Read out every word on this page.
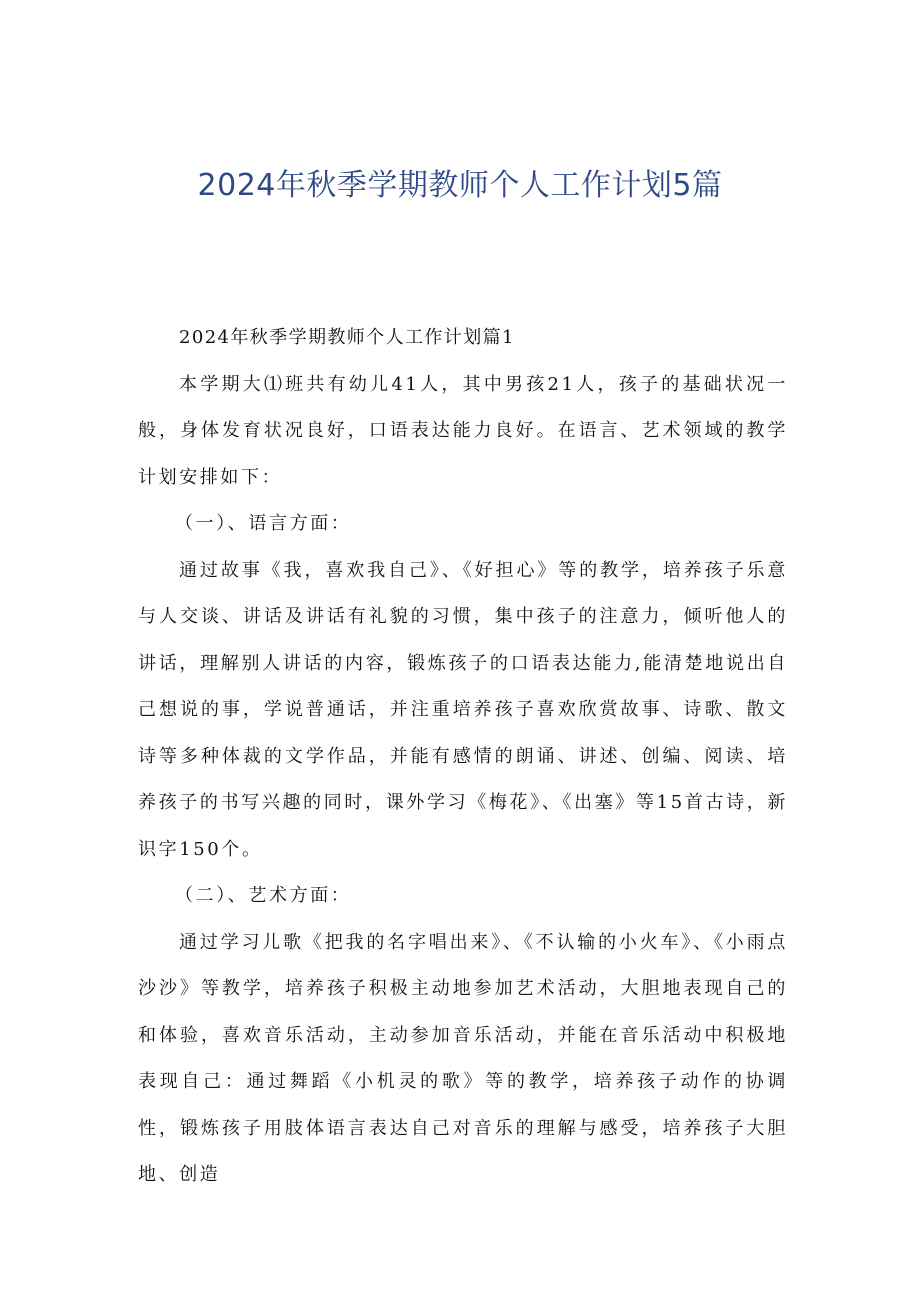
2024年秋季学期教师个人工作计划5篇

2024年秋季学期教师个人工作计划篇1

本学期大⑴班共有幼儿41人，其中男孩21人，孩子的基础状况一般，身体发育状况良好，口语表达能力良好。在语言、艺术领域的教学计划安排如下：

（一）、语言方面：

通过故事《我，喜欢我自己》、《好担心》等的教学，培养孩子乐意与人交谈、讲话及讲话有礼貌的习惯，集中孩子的注意力，倾听他人的讲话，理解别人讲话的内容，锻炼孩子的口语表达能力,能清楚地说出自己想说的事，学说普通话，并注重培养孩子喜欢欣赏故事、诗歌、散文诗等多种体裁的文学作品，并能有感情的朗诵、讲述、创编、阅读、培养孩子的书写兴趣的同时，课外学习《梅花》、《出塞》等15首古诗，新识字150个。

（二）、艺术方面：

通过学习儿歌《把我的名字唱出来》、《不认输的小火车》、《小雨点沙沙》等教学，培养孩子积极主动地参加艺术活动，大胆地表现自己的和体验，喜欢音乐活动，主动参加音乐活动，并能在音乐活动中积极地表现自己：通过舞蹈《小机灵的歌》等的教学，培养孩子动作的协调性，锻炼孩子用肢体语言表达自己对音乐的理解与感受，培养孩子大胆地、创造
